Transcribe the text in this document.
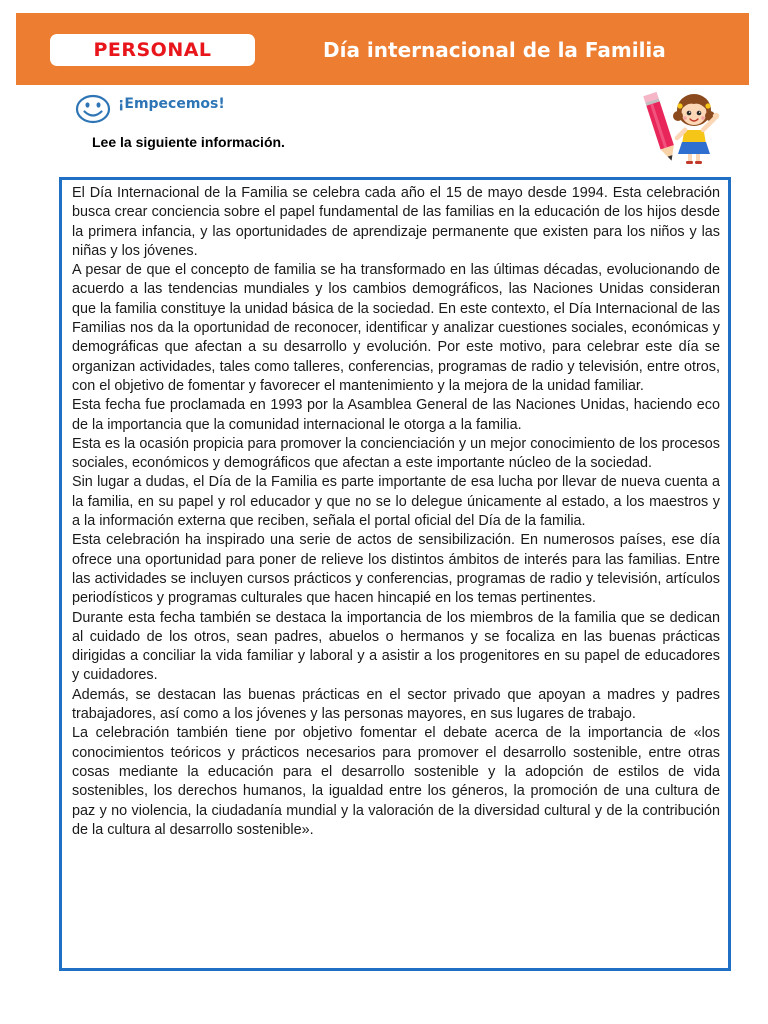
PERSONAL	Día internacional de la Familia
¡Empecemos!
Lee la siguiente información.

El Día Internacional de la Familia se celebra cada año el 15 de mayo desde 1994. Esta celebración busca crear conciencia sobre el papel fundamental de las familias en la educación de los hijos desde la primera infancia, y las oportunidades de aprendizaje permanente que existen para los niños y las niñas y los jóvenes.

A pesar de que el concepto de familia se ha transformado en las últimas décadas, evolucionando de acuerdo a las tendencias mundiales y los cambios demográficos, las Naciones Unidas consideran que la familia constituye la unidad básica de la sociedad. En este contexto, el Día Internacional de las Familias nos da la oportunidad de reconocer, identificar y analizar cuestiones sociales, económicas y demográficas que afectan a su desarrollo y evolución. Por este motivo, para celebrar este día se organizan actividades, tales como talleres, conferencias, programas de radio y televisión, entre otros, con el objetivo de fomentar y favorecer el mantenimiento y la mejora de la unidad familiar.

Esta fecha fue proclamada en 1993 por la Asamblea General de las Naciones Unidas, haciendo eco de la importancia que la comunidad internacional le otorga a la familia.

Esta es la ocasión propicia para promover la concienciación y un mejor conocimiento de los procesos sociales, económicos y demográficos que afectan a este importante núcleo de la sociedad.

Sin lugar a dudas, el Día de la Familia es parte importante de esa lucha por llevar de nueva cuenta a la familia, en su papel y rol educador y que no se lo delegue únicamente al estado, a los maestros y a la información externa que reciben, señala el portal oficial del Día de la familia.

Esta celebración ha inspirado una serie de actos de sensibilización. En numerosos países, ese día ofrece una oportunidad para poner de relieve los distintos ámbitos de interés para las familias. Entre las actividades se incluyen cursos prácticos y conferencias, programas de radio y televisión, artículos periodísticos y programas culturales que hacen hincapié en los temas pertinentes.

Durante esta fecha también se destaca la importancia de los miembros de la familia que se dedican al cuidado de los otros, sean padres, abuelos o hermanos y se focaliza en las buenas prácticas dirigidas a conciliar la vida familiar y laboral y a asistir a los progenitores en su papel de educadores y cuidadores.

Además, se destacan las buenas prácticas en el sector privado que apoyan a madres y padres trabajadores, así como a los jóvenes y las personas mayores, en sus lugares de trabajo.

La celebración también tiene por objetivo fomentar el debate acerca de la importancia de «los conocimientos teóricos y prácticos necesarios para promover el desarrollo sostenible, entre otras cosas mediante la educación para el desarrollo sostenible y la adopción de estilos de vida sostenibles, los derechos humanos, la igualdad entre los géneros, la promoción de una cultura de paz y no violencia, la ciudadanía mundial y la valoración de la diversidad cultural y de la contribución de la cultura al desarrollo sostenible».
